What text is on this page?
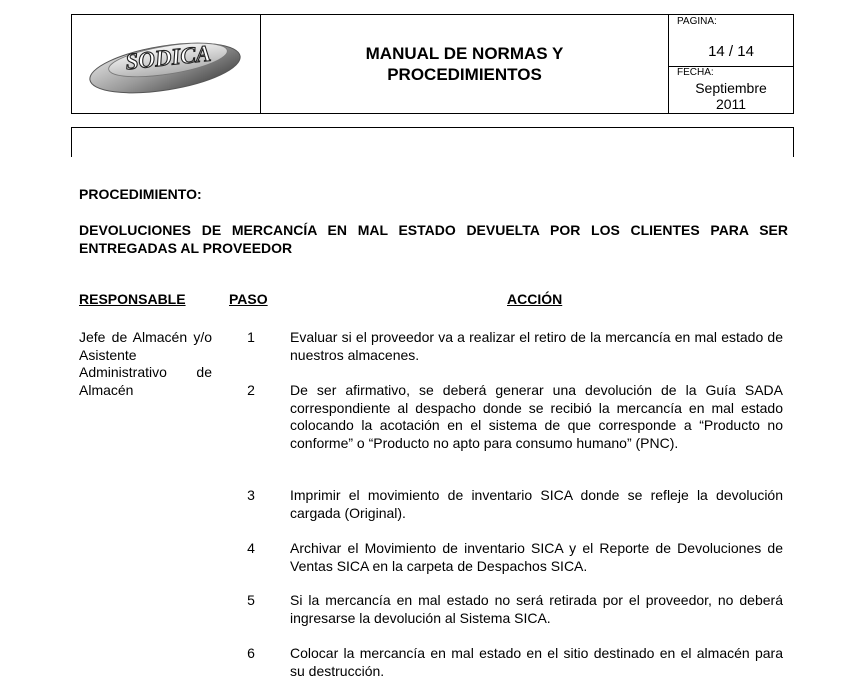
SODICA	MANUAL DE NORMAS Y
PROCEDIMIENTOS
PAGINA:
14 / 14
FECHA:
Septiembre
2011
PROCEDIMIENTO:
DEVOLUCIONES DE MERCANCÍA EN MAL ESTADO DEVUELTA POR LOS CLIENTES PARA SER ENTREGADAS AL PROVEEDOR
RESPONSABLE	PASO	ACCIÓN
Jefe de Almacén y/o Asistente Administrativo de Almacén
1	Evaluar si el proveedor va a realizar el retiro de la mercancía en mal estado de nuestros almacenes.
2	De ser afirmativo, se deberá generar una devolución de la Guía SADA correspondiente al despacho donde se recibió la mercancía en mal estado colocando la acotación en el sistema de que corresponde a “Producto no conforme” o “Producto no apto para consumo humano” (PNC).
3	Imprimir el movimiento de inventario SICA donde se refleje la devolución cargada (Original).
4	Archivar el Movimiento de inventario SICA y el Reporte de Devoluciones de Ventas SICA en la carpeta de Despachos SICA.
5	Si la mercancía en mal estado no será retirada por el proveedor, no deberá ingresarse la devolución al Sistema SICA.
6	Colocar la mercancía en mal estado en el sitio destinado en el almacén para su destrucción.
